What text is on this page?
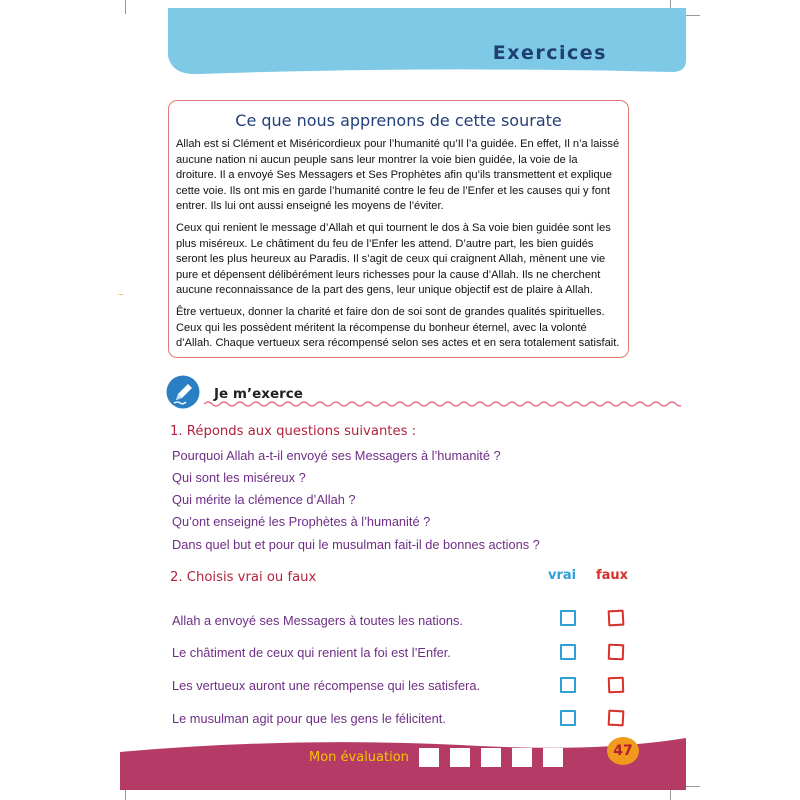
Exercices
~
Ce que nous apprenons de cette sourate

Allah est si Clément et Miséricordieux pour l’humanité qu’Il l’a guidée. En effet, Il n’a laissé aucune nation ni aucun peuple sans leur montrer la voie bien guidée, la voie de la droiture. Il a envoyé Ses Messagers et Ses Prophètes afin qu’ils transmettent et explique cette voie. Ils ont mis en garde l’humanité contre le feu de l’Enfer et les causes qui y font entrer. Ils lui ont aussi enseigné les moyens de l’éviter.

Ceux qui renient le message d’Allah et qui tournent le dos à Sa voie bien guidée sont les plus miséreux. Le châtiment du feu de l’Enfer les attend. D’autre part, les bien guidés seront les plus heureux au Paradis. Il s’agit de ceux qui craignent Allah, mènent une vie pure et dépensent délibérément leurs richesses pour la cause d’Allah. Ils ne cherchent aucune reconnaissance de la part des gens, leur unique objectif est de plaire à Allah.

Être vertueux, donner la charité et faire don de soi sont de grandes qualités spirituelles. Ceux qui les possèdent méritent la récompense du bonheur éternel, avec la volonté d’Allah. Chaque vertueux sera récompensé selon ses actes et en sera totalement satisfait.

Je m’exerce
1. Réponds aux questions suivantes :
Pourquoi Allah a-t-il envoyé ses Messagers à l’humanité ?
Qui sont les miséreux ?
Qui mérite la clémence d’Allah ?
Qu’ont enseigné les Prophètes à l’humanité ?
Dans quel but et pour qui le musulman fait-il de bonnes actions ?
2. Choisis vrai ou faux	vrai faux
Allah a envoyé ses Messagers à toutes les nations.
Le châtiment de ceux qui renient la foi est l’Enfer.
Les vertueux auront une récompense qui les satisfera.
Le musulman agit pour que les gens le félicitent.
Mon évaluation	47
